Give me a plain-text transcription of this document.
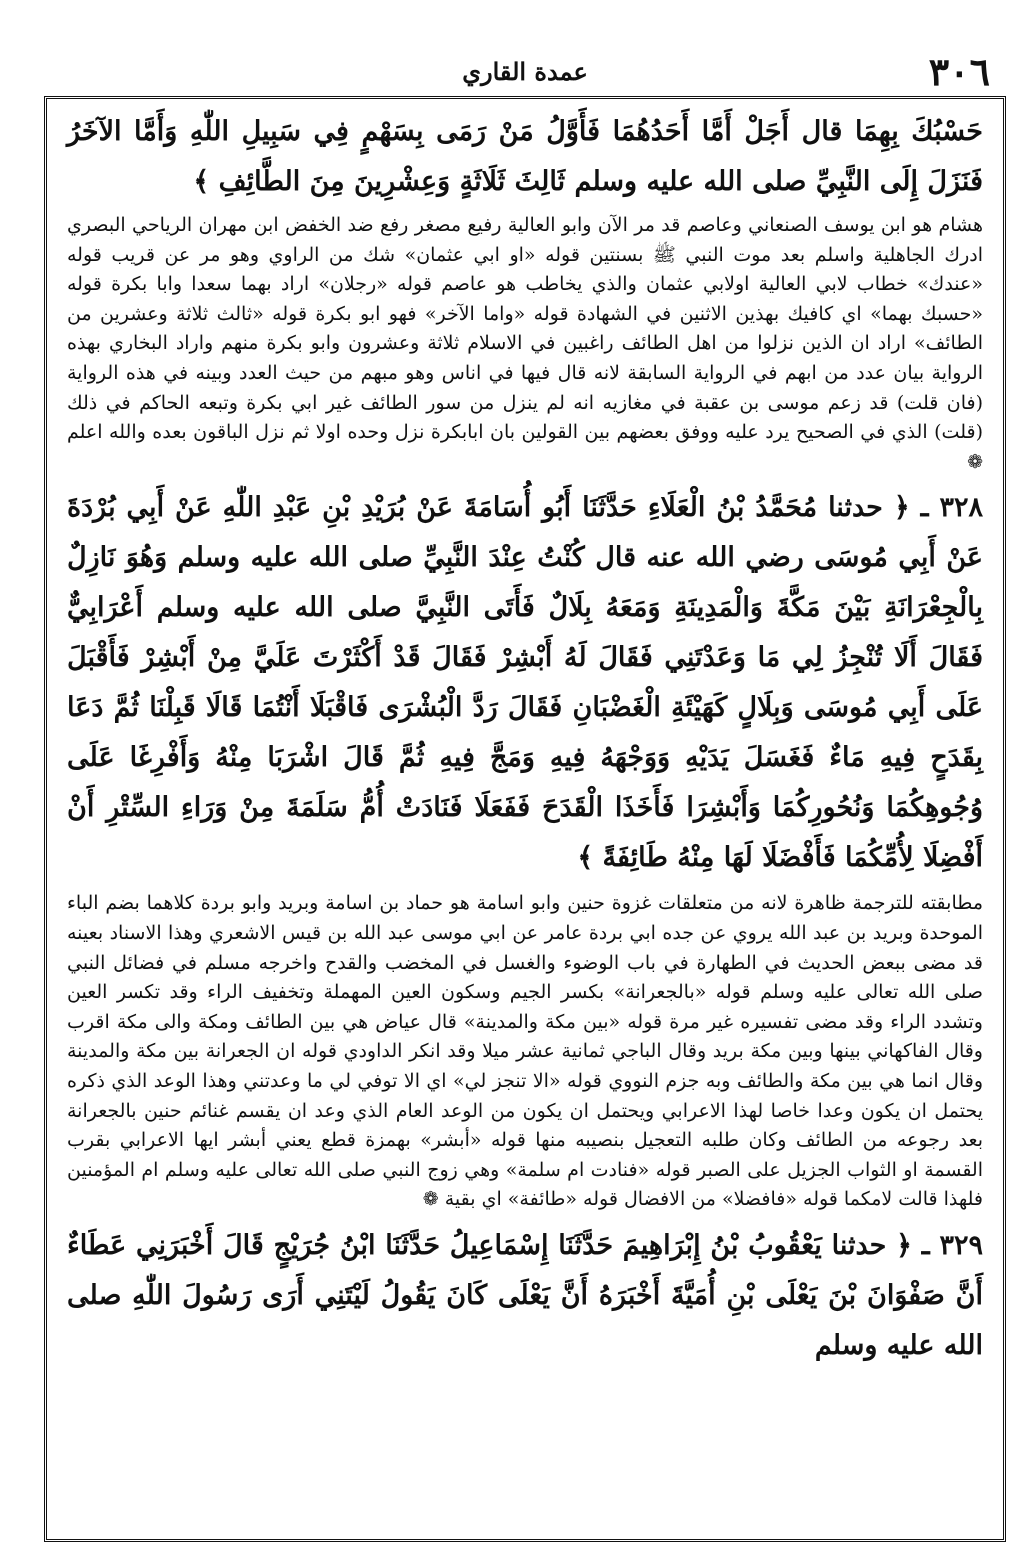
٣٠٦
عمدة القاري

حَسْبُكَ بِهِمَا قال أَجَلْ أَمَّا أَحَدُهُمَا فَأَوَّلُ مَنْ رَمَى بِسَهْمٍ فِي سَبِيلِ اللّٰهِ وَأَمَّا الآخَرُ فَنَزَلَ إِلَى النَّبِيِّ صلى الله عليه وسلم ثَالِثَ ثَلَاثَةٍ وَعِشْرِينَ مِنَ الطَّائِفِ ﴾

هشام هو ابن يوسف الصنعاني وعاصم قد مر الآن وابو العالية رفيع مصغر رفع ضد الخفض ابن مهران الرياحي البصري ادرك الجاهلية واسلم بعد موت النبي ﷺ بسنتين قوله «او ابي عثمان» شك من الراوي وهو مر عن قريب قوله «عندك» خطاب لابي العالية اولابي عثمان والذي يخاطب هو عاصم قوله «رجلان» اراد بهما سعدا وابا بكرة قوله «حسبك بهما» اي كافيك بهذين الاثنين في الشهادة قوله «واما الآخر» فهو ابو بكرة قوله «ثالث ثلاثة وعشرين من الطائف» اراد ان الذين نزلوا من اهل الطائف راغبين في الاسلام ثلاثة وعشرون وابو بكرة منهم واراد البخاري بهذه الرواية بيان عدد من ابهم في الرواية السابقة لانه قال فيها في اناس وهو مبهم من حيث العدد وبينه في هذه الرواية (فان قلت) قد زعم موسى بن عقبة في مغازيه انه لم ينزل من سور الطائف غير ابي بكرة وتبعه الحاكم في ذلك (قلت) الذي في الصحيح يرد عليه ووفق بعضهم بين القولين بان ابابكرة نزل وحده اولا ثم نزل الباقون بعده والله اعلم ❁

٣٢٨ ـ ﴿ حدثنا مُحَمَّدُ بْنُ الْعَلَاءِ حَدَّثَنَا أَبُو أُسَامَةَ عَنْ بُرَيْدِ بْنِ عَبْدِ اللّٰهِ عَنْ أَبِي بُرْدَةَ عَنْ أَبِي مُوسَى رضي الله عنه قال كُنْتُ عِنْدَ النَّبِيِّ صلى الله عليه وسلم وَهُوَ نَازِلٌ بِالْجِعْرَانَةِ بَيْنَ مَكَّةَ وَالْمَدِينَةِ وَمَعَهُ بِلَالٌ فَأَتَى النَّبِيَّ صلى الله عليه وسلم أَعْرَابِيٌّ فَقَالَ أَلَا تُنْجِزُ لِي مَا وَعَدْتَنِي فَقَالَ لَهُ أَبْشِرْ فَقَالَ قَدْ أَكْثَرْتَ عَلَيَّ مِنْ أَبْشِرْ فَأَقْبَلَ عَلَى أَبِي مُوسَى وَبِلَالٍ كَهَيْئَةِ الْغَضْبَانِ فَقَالَ رَدَّ الْبُشْرَى فَاقْبَلَا أَنْتُمَا قَالَا قَبِلْنَا ثُمَّ دَعَا بِقَدَحٍ فِيهِ مَاءٌ فَغَسَلَ يَدَيْهِ وَوَجْهَهُ فِيهِ وَمَجَّ فِيهِ ثُمَّ قَالَ اشْرَبَا مِنْهُ وَأَفْرِغَا عَلَى وُجُوهِكُمَا وَنُحُورِكُمَا وَأَبْشِرَا فَأَخَذَا الْقَدَحَ فَفَعَلَا فَنَادَتْ أُمُّ سَلَمَةَ مِنْ وَرَاءِ السِّتْرِ أَنْ أَفْضِلَا لِأُمِّكُمَا فَأَفْضَلَا لَهَا مِنْهُ طَائِفَةً ﴾

مطابقته للترجمة ظاهرة لانه من متعلقات غزوة حنين وابو اسامة هو حماد بن اسامة وبريد وابو بردة كلاهما بضم الباء الموحدة وبريد بن عبد الله يروي عن جده ابي بردة عامر عن ابي موسى عبد الله بن قيس الاشعري وهذا الاسناد بعينه قد مضى ببعض الحديث في الطهارة في باب الوضوء والغسل في المخضب والقدح واخرجه مسلم في فضائل النبي صلى الله تعالى عليه وسلم قوله «بالجعرانة» بكسر الجيم وسكون العين المهملة وتخفيف الراء وقد تكسر العين وتشدد الراء وقد مضى تفسيره غير مرة قوله «بين مكة والمدينة» قال عياض هي بين الطائف ومكة والى مكة اقرب وقال الفاكهاني بينها وبين مكة بريد وقال الباجي ثمانية عشر ميلا وقد انكر الداودي قوله ان الجعرانة بين مكة والمدينة وقال انما هي بين مكة والطائف وبه جزم النووي قوله «الا تنجز لي» اي الا توفي لي ما وعدتني وهذا الوعد الذي ذكره يحتمل ان يكون وعدا خاصا لهذا الاعرابي ويحتمل ان يكون من الوعد العام الذي وعد ان يقسم غنائم حنين بالجعرانة بعد رجوعه من الطائف وكان طلبه التعجيل بنصيبه منها قوله «أبشر» بهمزة قطع يعني أبشر ايها الاعرابي بقرب القسمة او الثواب الجزيل على الصبر قوله «فنادت ام سلمة» وهي زوج النبي صلى الله تعالى عليه وسلم ام المؤمنين فلهذا قالت لامكما قوله «فافضلا» من الافضال قوله «طائفة» اي بقية ❁

٣٢٩ ـ ﴿ حدثنا يَعْقُوبُ بْنُ إِبْرَاهِيمَ حَدَّثَنَا إِسْمَاعِيلُ حَدَّثَنَا ابْنُ جُرَيْجٍ قَالَ أَخْبَرَنِي عَطَاءٌ أَنَّ صَفْوَانَ بْنَ يَعْلَى بْنِ أُمَيَّةَ أَخْبَرَهُ أَنَّ يَعْلَى كَانَ يَقُولُ لَيْتَنِي أَرَى رَسُولَ اللّٰهِ صلى الله عليه وسلم
